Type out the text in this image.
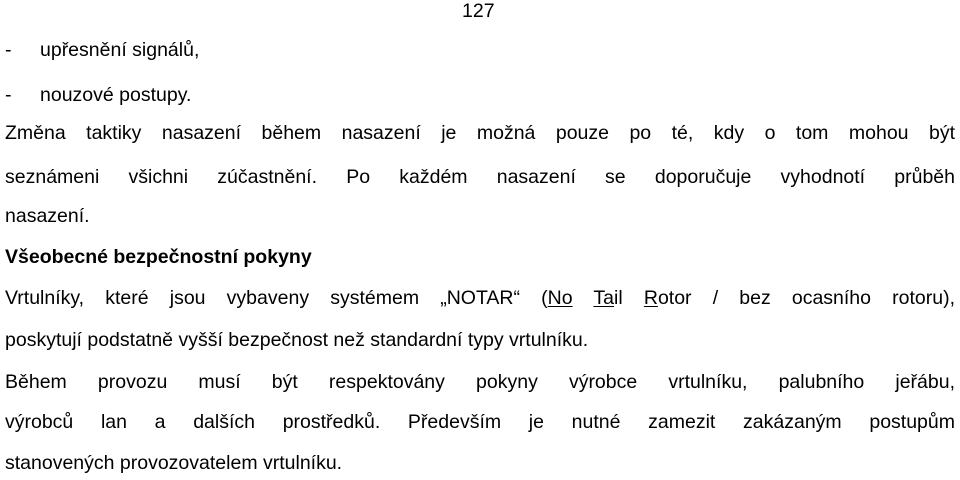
127
- upřesnění signálů,
- nouzové postupy.
Změna taktiky nasazení během nasazení je možná pouze po té, kdy o tom mohou být
seznámeni všichni zúčastnění. Po každém nasazení se doporučuje vyhodnotí průběh
nasazení.
Všeobecné bezpečnostní pokyny
Vrtulníky, které jsou vybaveny systémem „NOTAR“ (No Tail Rotor / bez ocasního rotoru),
poskytují podstatně vyšší bezpečnost než standardní typy vrtulníku.
Během provozu musí být respektovány pokyny výrobce vrtulníku, palubního jeřábu,
výrobců lan a dalších prostředků. Především je nutné zamezit zakázaným postupům
stanovených provozovatelem vrtulníku.
